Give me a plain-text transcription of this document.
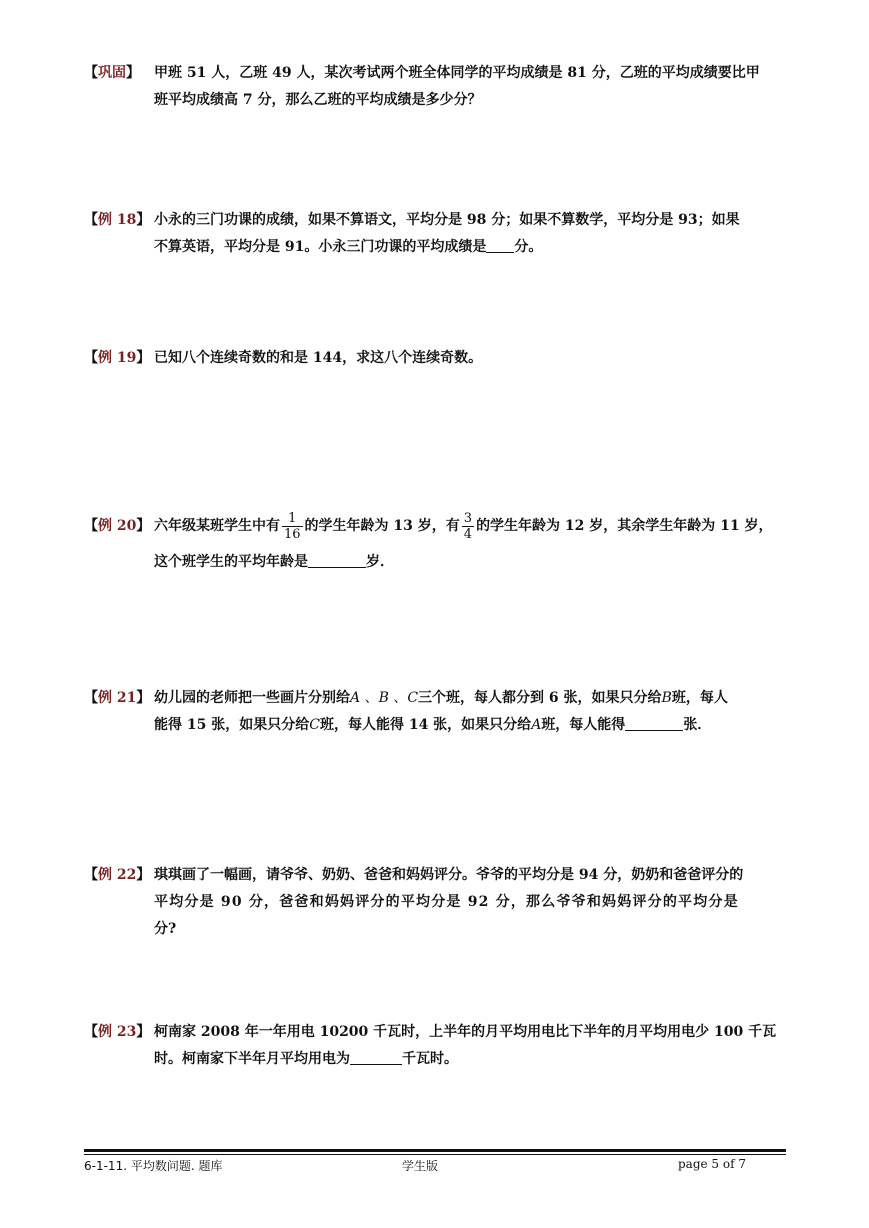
【巩固】 甲班 51 人，乙班 49 人，某次考试两个班全体同学的平均成绩是 81 分，乙班的平均成绩要比甲
班平均成绩高 7 分，那么乙班的平均成绩是多少分？
【例 18】 小永的三门功课的成绩，如果不算语文，平均分是 98 分；如果不算数学，平均分是 93；如果
不算英语，平均分是 91。小永三门功课的平均成绩是 分。
【例 19】 已知八个连续奇数的和是 144，求这八个连续奇数。
【例 20】 六年级某班学生中有 $\frac{1}{16}$ 的学生年龄为 13 岁，有 $\frac{3}{4}$ 的学生年龄为 12 岁，其余学生年龄为 11 岁，
这个班学生的平均年龄是	岁．
【例 21】 幼儿园的老师把一些画片分别给A 、B 、C三个班，每人都分到 6 张，如果只分给B班，每人
能得 15 张，如果只分给C班，每人能得 14 张，如果只分给A班，每人能得	张．
【例 22】 琪琪画了一幅画，请爷爷、奶奶、爸爸和妈妈评分。爷爷的平均分是 94 分，奶奶和爸爸评分的
平均分是 90 分，爸爸和妈妈评分的平均分是 92 分，那么爷爷和妈妈评分的平均分是
分?
【例 23】 柯南家 2008 年一年用电 10200 千瓦时，上半年的月平均用电比下半年的月平均用电少 100 千瓦
时。柯南家下半年月平均用电为	千瓦时。
6-1-11. 平均数问题. 题库	学生版	page 5 of 7
